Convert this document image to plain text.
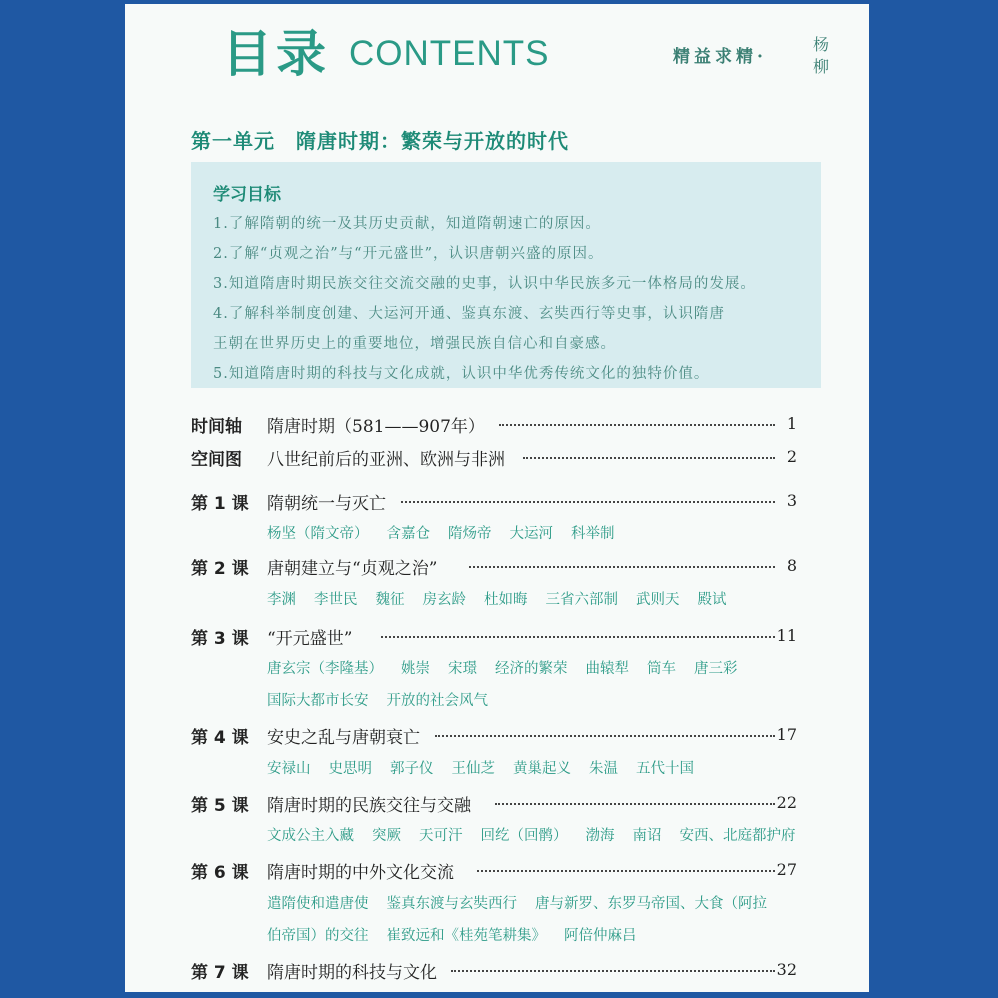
目录 CONTENTS	精益求精·
杨柳
第一单元　隋唐时期：繁荣与开放的时代
学习目标
1.了解隋朝的统一及其历史贡献，知道隋朝速亡的原因。
2.了解“贞观之治”与“开元盛世”，认识唐朝兴盛的原因。
3.知道隋唐时期民族交往交流交融的史事，认识中华民族多元一体格局的发展。
4.了解科举制度创建、大运河开通、鉴真东渡、玄奘西行等史事，认识隋唐
王朝在世界历史上的重要地位，增强民族自信心和自豪感。
5.知道隋唐时期的科技与文化成就，认识中华优秀传统文化的独特价值。
时间轴 隋唐时期（581——907年）	1
空间图 八世纪前后的亚洲、欧洲与非洲	2
第 1 课 隋朝统一与灭亡	3
杨坚（隋文帝） 含嘉仓 隋炀帝 大运河 科举制
第 2 课 唐朝建立与“贞观之治”	8
李渊 李世民 魏征 房玄龄 杜如晦 三省六部制 武则天 殿试
第 3 课 “开元盛世”	11
唐玄宗（李隆基） 姚崇 宋璟 经济的繁荣 曲辕犁 筒车 唐三彩
国际大都市长安 开放的社会风气
第 4 课 安史之乱与唐朝衰亡	17
安禄山 史思明 郭子仪 王仙芝 黄巢起义 朱温 五代十国
第 5 课 隋唐时期的民族交往与交融	22
文成公主入藏 突厥 天可汗 回纥（回鹘） 渤海 南诏 安西、北庭都护府
第 6 课 隋唐时期的中外文化交流	27
遣隋使和遣唐使 鉴真东渡与玄奘西行 唐与新罗、东罗马帝国、大食（阿拉
伯帝国）的交往 崔致远和《桂苑笔耕集》 阿倍仲麻吕
第 7 课 隋唐时期的科技与文化	32
